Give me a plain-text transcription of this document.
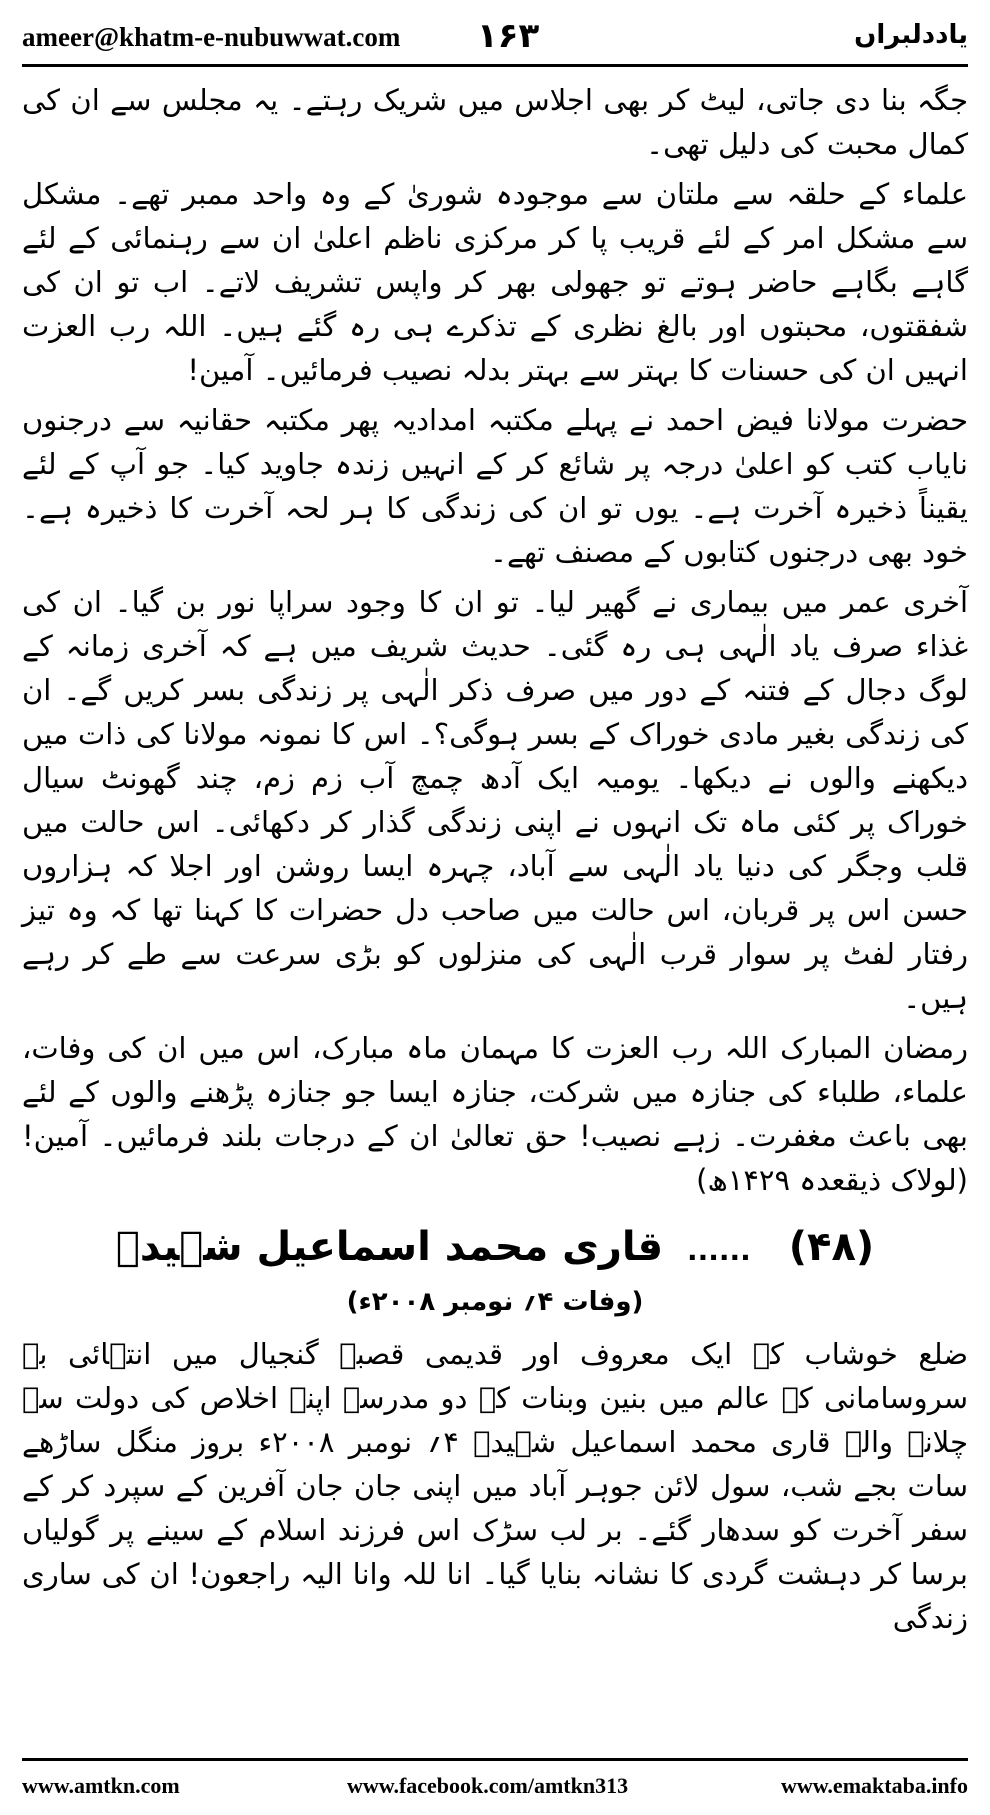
ameer@khatm-e-nubuwwat.com ۱۶۳	یاددلبراں

جگہ بنا دی جاتی، لیٹ کر بھی اجلاس میں شریک رہتے۔ یہ مجلس سے ان کی کمال محبت کی دلیل تھی۔

علماء کے حلقہ سے ملتان سے موجودہ شوریٰ کے وہ واحد ممبر تھے۔ مشکل سے مشکل امر کے لئے قریب پا کر مرکزی ناظم اعلیٰ ان سے رہنمائی کے لئے گاہے بگاہے حاضر ہوتے تو جھولی بھر کر واپس تشریف لاتے۔ اب تو ان کی شفقتوں، محبتوں اور بالغ نظری کے تذکرے ہی رہ گئے ہیں۔ اللہ رب العزت انہیں ان کی حسنات کا بہتر سے بہتر بدلہ نصیب فرمائیں۔ آمین!

حضرت مولانا فیض احمد نے پہلے مکتبہ امدادیہ پھر مکتبہ حقانیہ سے درجنوں نایاب کتب کو اعلیٰ درجہ پر شائع کر کے انہیں زندہ جاوید کیا۔ جو آپ کے لئے یقیناً ذخیرہ آخرت ہے۔ یوں تو ان کی زندگی کا ہر لحہ آخرت کا ذخیرہ ہے۔ خود بھی درجنوں کتابوں کے مصنف تھے۔

آخری عمر میں بیماری نے گھیر لیا۔ تو ان کا وجود سراپا نور بن گیا۔ ان کی غذاء صرف یاد الٰہی ہی رہ گئی۔ حدیث شریف میں ہے کہ آخری زمانہ کے لوگ دجال کے فتنہ کے دور میں صرف ذکر الٰہی پر زندگی بسر کریں گے۔ ان کی زندگی بغیر مادی خوراک کے بسر ہوگی؟۔ اس کا نمونہ مولانا کی ذات میں دیکھنے والوں نے دیکھا۔ یومیہ ایک آدھ چمچ آب زم زم، چند گھونٹ سیال خوراک پر کئی ماہ تک انہوں نے اپنی زندگی گذار کر دکھائی۔ اس حالت میں قلب وجگر کی دنیا یاد الٰہی سے آباد، چہرہ ایسا روشن اور اجلا کہ ہزاروں حسن اس پر قربان، اس حالت میں صاحب دل حضرات کا کہنا تھا کہ وہ تیز رفتار لفٹ پر سوار قرب الٰہی کی منزلوں کو بڑی سرعت سے طے کر رہے ہیں۔

رمضان المبارک اللہ رب العزت کا مہمان ماہ مبارک، اس میں ان کی وفات، علماء، طلباء کی جنازہ میں شرکت، جنازہ ایسا جو جنازہ پڑھنے والوں کے لئے بھی باعث مغفرت۔ زہے نصیب! حق تعالیٰ ان کے درجات بلند فرمائیں۔ آمین! (لولاک ذیقعدہ ۱۴۲۹ھ)

(۴۸) ...... قاری محمد اسماعیل شہیدؒ
(وفات ۴؍ نومبر ۲۰۰۸ء)

ضلع خوشاب کے ایک معروف اور قدیمی قصبہ گنجیال میں انتہائی بے سروسامانی کے عالم میں بنین وبنات کے دو مدرسے اپنے اخلاص کی دولت سے چلانے والے قاری محمد اسماعیل شہیدؒ ۴؍ نومبر ۲۰۰۸ء بروز منگل ساڑھے سات بجے شب، سول لائن جوہر آباد میں اپنی جان جان آفرین کے سپرد کر کے سفر آخرت کو سدھار گئے۔ بر لب سڑک اس فرزند اسلام کے سینے پر گولیاں برسا کر دہشت گردی کا نشانہ بنایا گیا۔ انا للہ وانا الیہ راجعون! ان کی ساری زندگی

www.amtkn.com	www.facebook.com/amtkn313	www.emaktaba.info
